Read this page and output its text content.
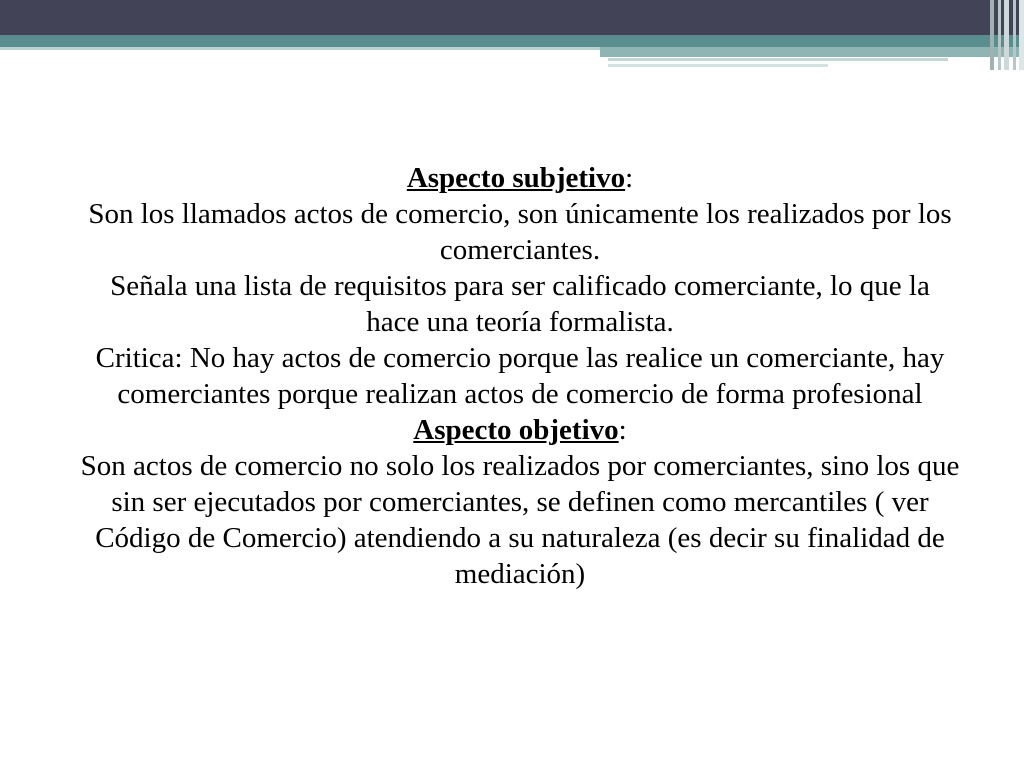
Aspecto subjetivo:

Son los llamados actos de comercio, son únicamente los realizados por los comerciantes.

Señala una lista de requisitos para ser calificado comerciante, lo que la hace una teoría formalista.

Critica: No hay actos de comercio porque las realice un comerciante, hay comerciantes porque realizan actos de comercio de forma profesional

Aspecto objetivo:

Son actos de comercio no solo los realizados por comerciantes, sino los que sin ser ejecutados por comerciantes, se definen como mercantiles ( ver Código de Comercio) atendiendo a su naturaleza (es decir su finalidad de mediación)
